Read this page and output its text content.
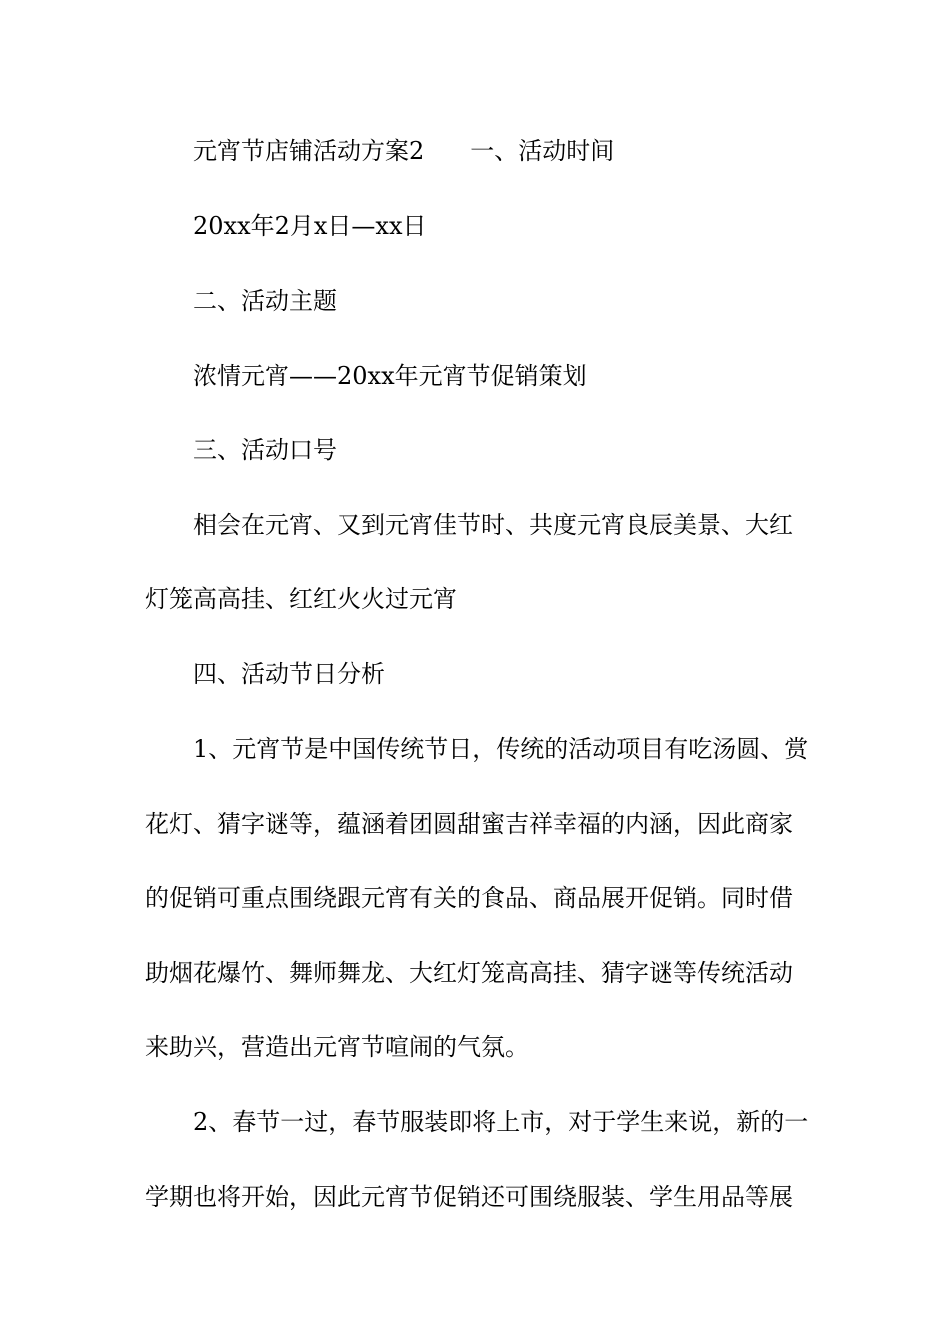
元宵节店铺活动方案2 一、活动时间
20xx年2月x日—xx日
二、活动主题
浓情元宵——20xx年元宵节促销策划
三、活动口号
相会在元宵、又到元宵佳节时、共度元宵良辰美景、大红
灯笼高高挂、红红火火过元宵
四、活动节日分析
1、元宵节是中国传统节日，传统的活动项目有吃汤圆、赏
花灯、猜字谜等，蕴涵着团圆甜蜜吉祥幸福的内涵，因此商家
的促销可重点围绕跟元宵有关的食品、商品展开促销。同时借
助烟花爆竹、舞师舞龙、大红灯笼高高挂、猜字谜等传统活动
来助兴，营造出元宵节喧闹的气氛。
2、春节一过，春节服装即将上市，对于学生来说，新的一
学期也将开始，因此元宵节促销还可围绕服装、学生用品等展
